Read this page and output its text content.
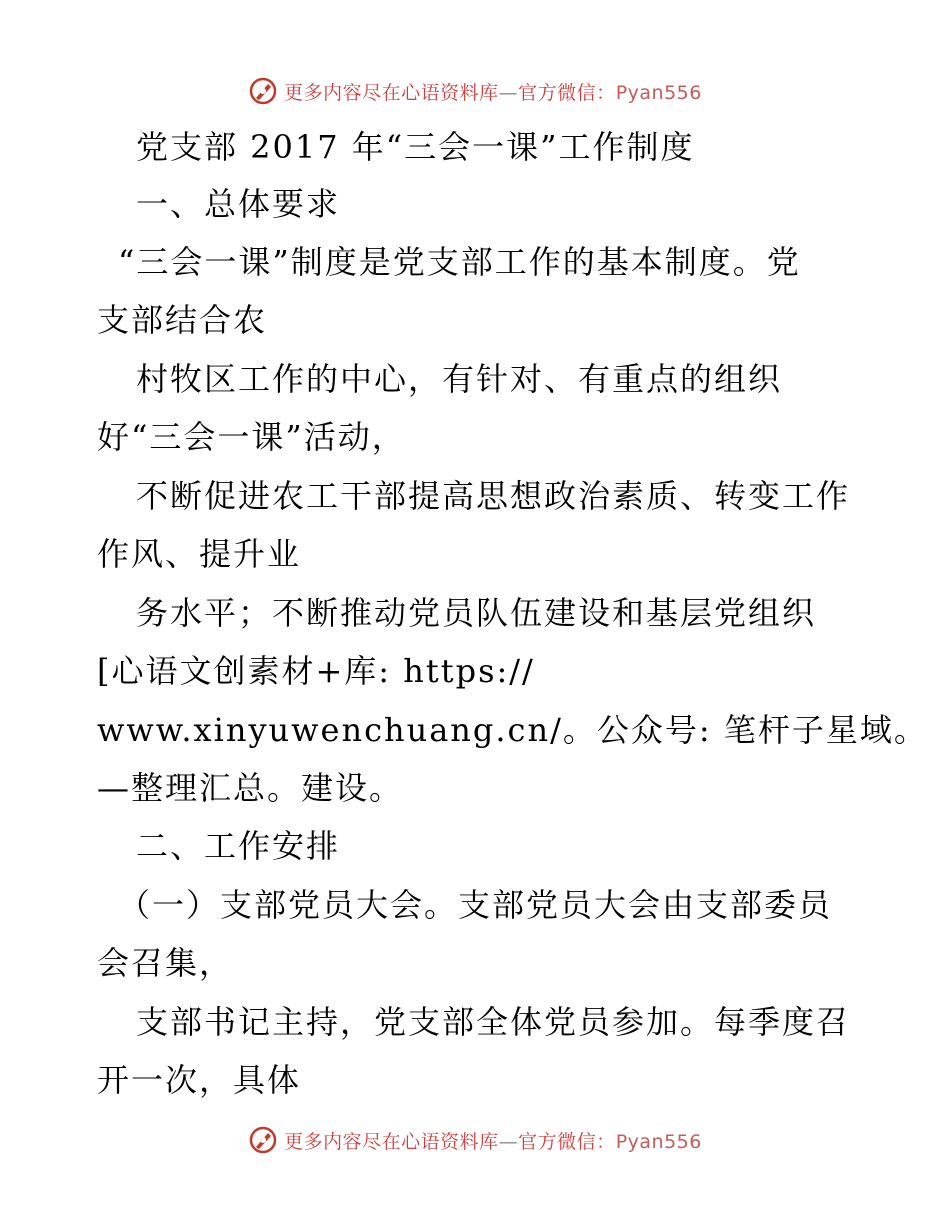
更多内容尽在心语资料库—官方微信：Pyan556
党支部 2017 年“三会一课”工作制度
一、总体要求
“三会一课”制度是党支部工作的基本制度。党
支部结合农
村牧区工作的中心，有针对、有重点的组织
好“三会一课”活动，
不断促进农工干部提高思想政治素质、转变工作
作风、提升业
务水平；不断推动党员队伍建设和基层党组织
[心语文创素材+库: https://
www.xinyuwenchuang.cn/。公众号: 笔杆子星域。
—整理汇总。建设。
二、工作安排
（一）支部党员大会。支部党员大会由支部委员
会召集，
支部书记主持，党支部全体党员参加。每季度召
开一次，具体
更多内容尽在心语资料库—官方微信：Pyan556
